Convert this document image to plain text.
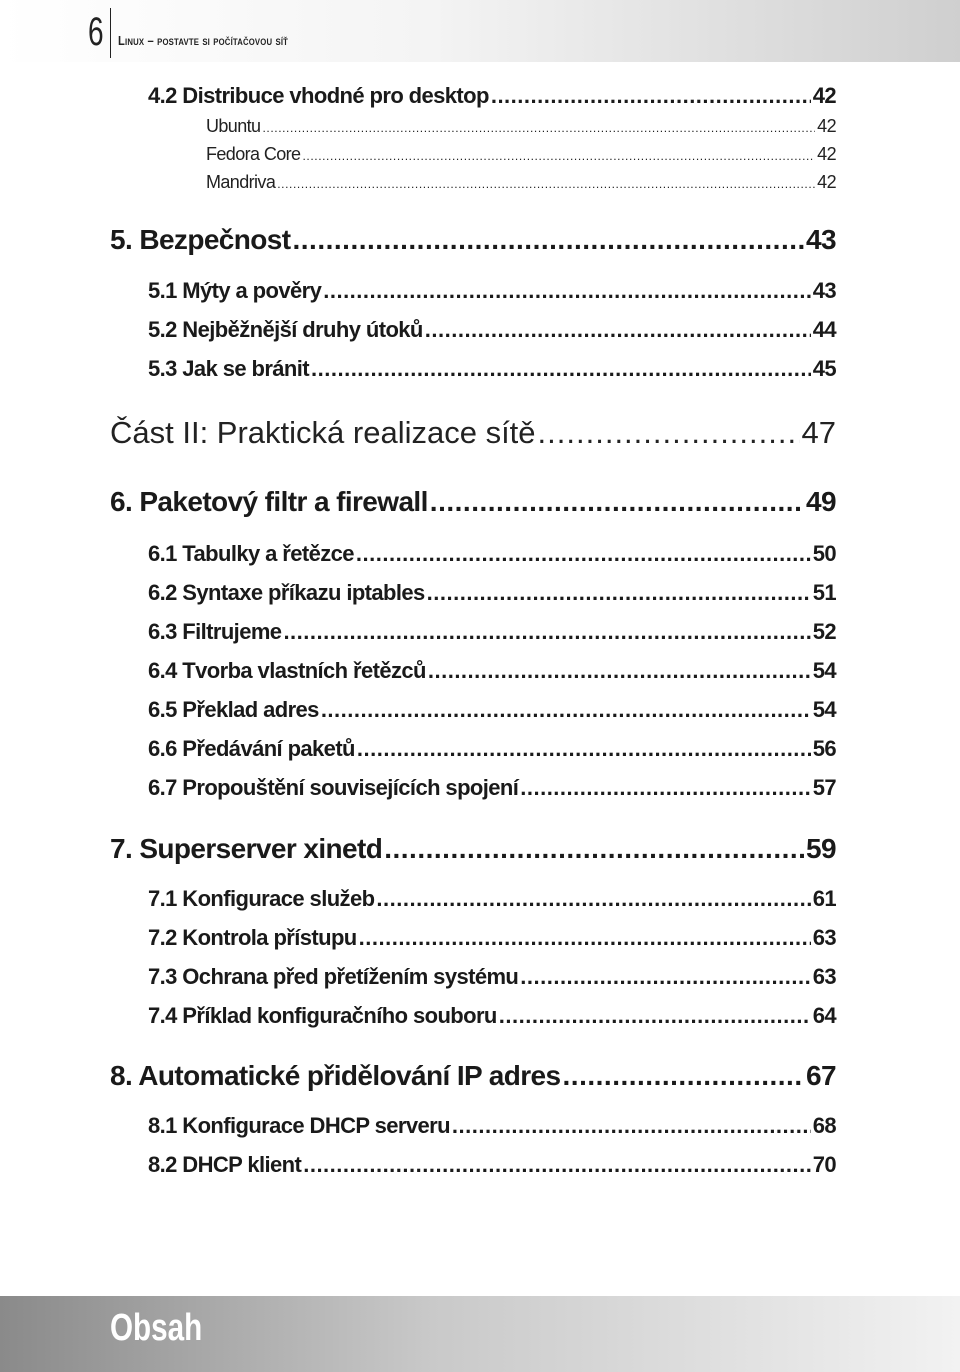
6 Linux – postavte si počítačovou síť
4.2 Distribuce vhodné pro desktop .....	42
Ubuntu .....	42
Fedora Core .....	42
Mandriva .....	42
5. Bezpečnost .....	43
5.1 Mýty a pověry .....	43
5.2 Nejběžnější druhy útoků .....	44
5.3 Jak se bránit .....	45
Část II: Praktická realizace sítě .....	47
6. Paketový filtr a firewall .....	49
6.1 Tabulky a řetězce .....	50
6.2 Syntaxe příkazu iptables .....	51
6.3 Filtrujeme .....	52
6.4 Tvorba vlastních řetězců .....	54
6.5 Překlad adres .....	54
6.6 Předávání paketů .....	56
6.7 Propouštění souvisejících spojení .....	57
7. Superserver xinetd .....	59
7.1 Konfigurace služeb .....	61
7.2 Kontrola přístupu .....	63
7.3 Ochrana před přetížením systému .....	63
7.4 Příklad konfiguračního souboru .....	64
8. Automatické přidělování IP adres .....	67
8.1 Konfigurace DHCP serveru .....	68
8.2 DHCP klient .....	70
Obsah
